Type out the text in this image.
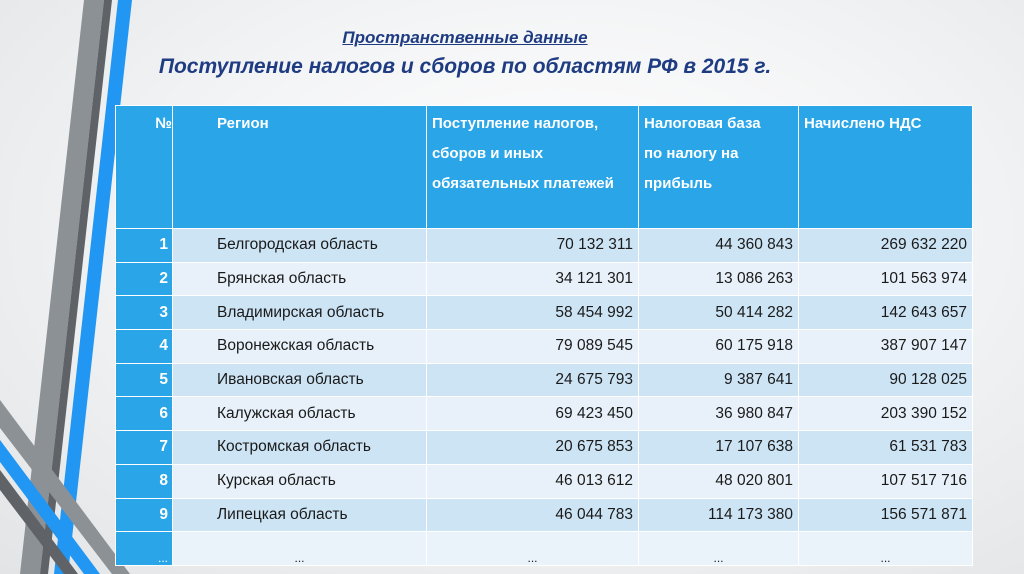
Пространственные данные
Поступление налогов и сборов по областям РФ в 2015 г.
№	Регион	Поступление налогов, сборов и иных обязательных платежей	Налоговая база по налогу на прибыль	Начислено НДС

1	Белгородская область	70 132 311	44 360 843	269 632 220
2	Брянская область	34 121 301	13 086 263	101 563 974
3	Владимирская область	58 454 992	50 414 282	142 643 657
4	Воронежская область	79 089 545	60 175 918	387 907 147
5	Ивановская область	24 675 793	9 387 641	90 128 025
6	Калужская область	69 423 450	36 980 847	203 390 152
7	Костромская область	20 675 853	17 107 638	61 531 783
8	Курская область	46 013 612	48 020 801	107 517 716
9	Липецкая область	46 044 783	114 173 380	156 571 871
...	...	...	...	...
